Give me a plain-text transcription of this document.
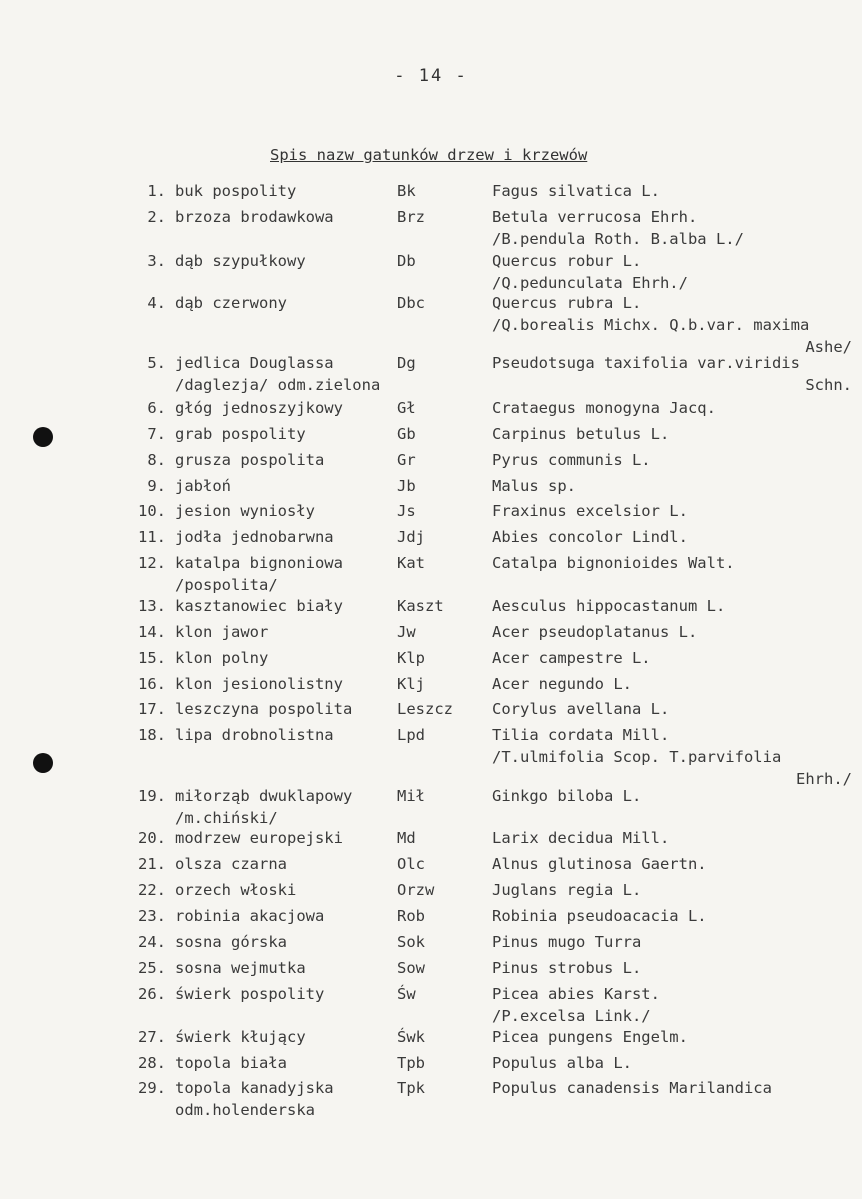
- 14 -
Spis nazw gatunków drzew i krzewów
1. buk pospolity	Bk	Fagus silvatica L.
2. brzoza brodawkowa	Brz	Betula verrucosa Ehrh.
/B.pendula Roth. B.alba L./
3. dąb szypułkowy	Db	Quercus robur L.
/Q.pedunculata Ehrh./
4. dąb czerwony	Dbc	Quercus rubra L.
/Q.borealis Michx. Q.b.var. maxima
Ashe/
5. jedlica Douglassa
/daglezja/ odm.zielona
Dg	Pseudotsuga taxifolia var.viridis
Schn.
6. głóg jednoszyjkowy	Gł	Crataegus monogyna Jacq.
7. grab pospolity	Gb	Carpinus betulus L.
8. grusza pospolita	Gr	Pyrus communis L.
9. jabłoń	Jb	Malus sp.
10. jesion wyniosły	Js	Fraxinus excelsior L.
11. jodła jednobarwna	Jdj	Abies concolor Lindl.
12. katalpa bignoniowa
/pospolita/
Kat	Catalpa bignonioides Walt.
13. kasztanowiec biały	Kaszt	Aesculus hippocastanum L.
14. klon jawor	Jw	Acer pseudoplatanus L.
15. klon polny	Klp	Acer campestre L.
16. klon jesionolistny	Klj	Acer negundo L.
17. leszczyna pospolita	Leszcz	Corylus avellana L.
18. lipa drobnolistna	Lpd	Tilia cordata Mill.
/T.ulmifolia Scop. T.parvifolia
Ehrh./
19. miłorząb dwuklapowy
/m.chiński/
Mił	Ginkgo biloba L.
20. modrzew europejski	Md	Larix decidua Mill.
21. olsza czarna	Olc	Alnus glutinosa Gaertn.
22. orzech włoski	Orzw	Juglans regia L.
23. robinia akacjowa	Rob	Robinia pseudoacacia L.
24. sosna górska	Sok	Pinus mugo Turra
25. sosna wejmutka	Sow	Pinus strobus L.
26. świerk pospolity	Św	Picea abies Karst.
/P.excelsa Link./
27. świerk kłujący	Śwk	Picea pungens Engelm.
28. topola biała	Tpb	Populus alba L.
29. topola kanadyjska
odm.holenderska
Tpk	Populus canadensis Marilandica
